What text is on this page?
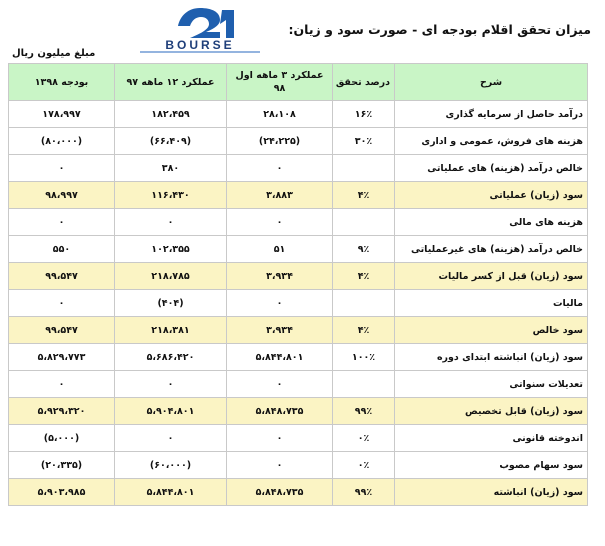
میزان تحقق اقلام بودجه ای - صورت سود و زیان:
BOURSE
مبلغ میلیون ریال
شرح	درصد تحقق	عملکرد ۳ ماهه اول ۹۸	عملکرد ۱۲ ماهه ۹۷	بودجه ۱۳۹۸
درآمد حاصل از سرمایه گذاری	۱۶٪	۲۸،۱۰۸	۱۸۲،۴۵۹	۱۷۸،۹۹۷
هزینه های فروش، عمومی و اداری	۳۰٪	(۲۴،۲۲۵)	(۶۶،۴۰۹)	(۸۰،۰۰۰)
خالص درآمد (هزینه) های عملیاتی		۰	۳۸۰	۰
سود (زیان) عملیاتی	۴٪	۳،۸۸۳	۱۱۶،۴۳۰	۹۸،۹۹۷
هزینه های مالی		۰	۰	۰
خالص درآمد (هزینه) های غیرعملیاتی	۹٪	۵۱	۱۰۲،۳۵۵	۵۵۰
سود (زیان) قبل از کسر مالیات	۴٪	۳،۹۳۴	۲۱۸،۷۸۵	۹۹،۵۴۷
مالیات		۰	(۴۰۴)	۰
سود خالص	۴٪	۳،۹۳۴	۲۱۸،۳۸۱	۹۹،۵۴۷
سود (زیان) انباشته ابتدای دوره	۱۰۰٪	۵،۸۴۴،۸۰۱	۵،۶۸۶،۴۲۰	۵،۸۲۹،۷۷۳
تعدیلات سنواتی		۰	۰	۰
سود (زیان) قابل تخصیص	۹۹٪	۵،۸۴۸،۷۳۵	۵،۹۰۴،۸۰۱	۵،۹۲۹،۳۲۰
اندوخته قانونی	۰٪	۰	۰	(۵،۰۰۰)
سود سهام مصوب	۰٪	۰	(۶۰،۰۰۰)	(۲۰،۳۳۵)
سود (زیان) انباشته	۹۹٪	۵،۸۴۸،۷۳۵	۵،۸۴۴،۸۰۱	۵،۹۰۳،۹۸۵
